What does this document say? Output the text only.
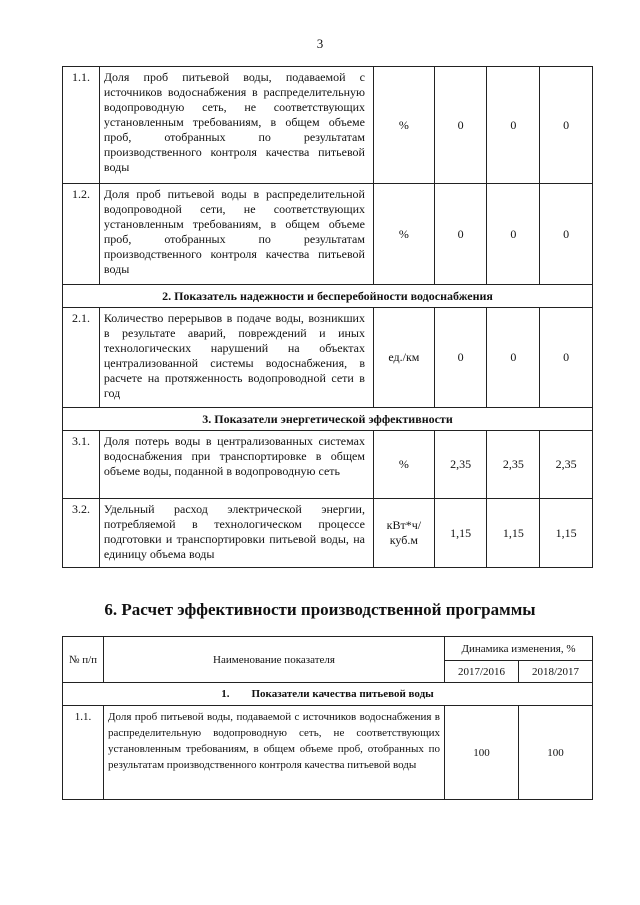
3
1.1.	Доля проб питьевой воды, подаваемой с источников водоснабжения в распределительную водопроводную сеть, не соответствующих установленным требованиям, в общем объеме проб, отобранных по результатам производственного контроля качества питьевой воды	%	0	0	0
1.2.	Доля проб питьевой воды в распределительной водопроводной сети, не соответствующих установленным требованиям, в общем объеме проб, отобранных по результатам производственного контроля качества питьевой воды	%	0	0	0
2. Показатель надежности и бесперебойности водоснабжения					
2.1.	Количество перерывов в подаче воды, возникших в результате аварий, повреждений и иных технологических нарушений на объектах централизованной системы водоснабжения, в расчете на протяженность водопроводной сети в год	ед./км	0	0	0
3. Показатели энергетической эффективности					
3.1.	Доля потерь воды в централизованных системах водоснабжения при транспортировке в общем объеме воды, поданной в водопроводную сеть	%	2,35	2,35	2,35
3.2.	Удельный расход электрической энергии, потребляемой в технологическом процессе подготовки и транспортировки питьевой воды, на единицу объема воды	кВт*ч/ куб.м	1,15	1,15	1,15
6. Расчет эффективности производственной программы
№ п/п	Наименование показателя	Динамика изменения, %	
		2017/2016	2018/2017
1. Показатели качества питьевой воды			
1.1.	Доля проб питьевой воды, подаваемой с источников водоснабжения в распределительную водопроводную сеть, не соответствующих установленным требованиям, в общем объеме проб, отобранных по результатам производственного контроля качества питьевой воды	100	100
